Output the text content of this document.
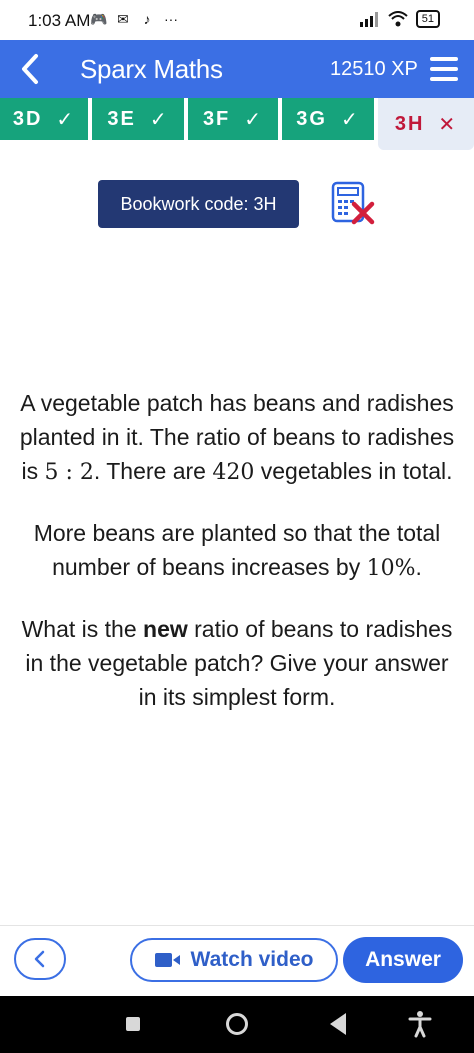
1:03 AM 🎮 ✉	♪ ···	51
Sparx Maths	12510 XP
3D ✓ 3E ✓ 3F ✓ 3G ✓ 3H ✕
Bookwork code: 3H

A vegetable patch has beans and radishes planted in it. The ratio of beans to radishes is 5 : 2. There are 420 vegetables in total.

More beans are planted so that the total number of beans increases by 10%.

What is the new ratio of beans to radishes in the vegetable patch? Give your answer in its simplest form.

Watch video	Answer
